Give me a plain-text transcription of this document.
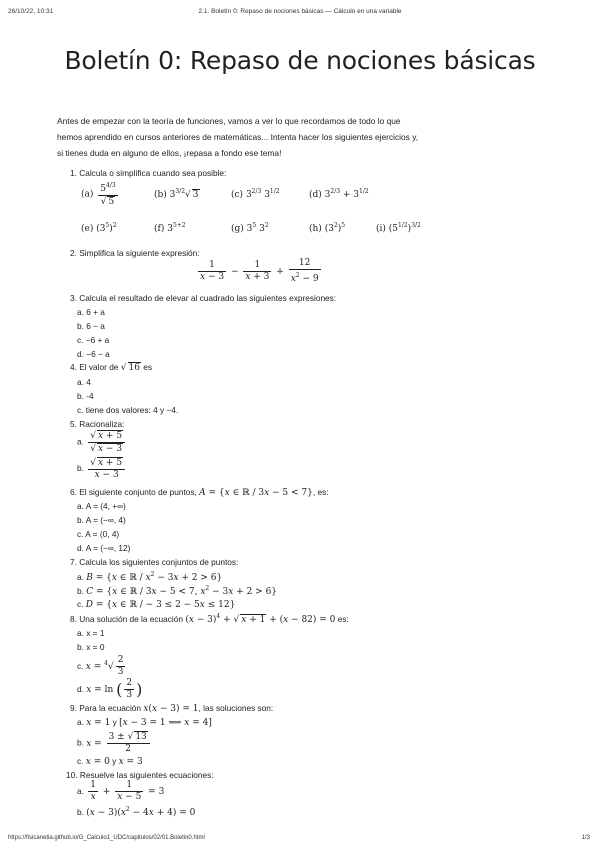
26/10/22, 10:31	2.1. Boletín 0: Repaso de nociones básicas — Cálculo en una variable
Boletín 0: Repaso de nociones básicas
Antes de empezar con la teoría de funciones, vamos a ver lo que recordamos de todo lo que
hemos aprendido en cursos anteriores de matemáticas... Intenta hacer los siguientes ejercicios y,
si tienes duda en alguno de ellos, ¡repasa a fondo ese tema!
1. Calcula o simplifica cuando sea posible:
$(a) \frac{5^{4/3}}{√ 5}$	(b) $3^{3/2}√$ 3	(c) $3^{2/3}$ $3^{1/2}$	(d) $3^{2/3} + 3^{1/2}$
(e) $(3^5)^2$	(f) $3^{5+2}$	(g) $3^5$ $3^2$	(h) $(3^2)^5$	(i) $(5^{1/2})^{3/2}$
2. Simplifica la siguiente expresión:
$\frac{1}{x - 3} - \frac{1}{x + 3} + \frac{12}{x^2 - 9}$
3. Calcula el resultado de elevar al cuadrado las siguientes expresiones:
a. 6 + a
b. 6 − a
c. −6 + a
d. −6 − a
4. El valor de √ 16 es
a. 4
b. -4
c. tiene dos valores: 4 y −4.
5. Racionaliza:
a. $\frac{√ x + 5}{√ x - 3}$
b. $\frac{√ x + 5}{x - 3}$
6. El siguiente conjunto de puntos, A = {x ∈ ℝ / 3x − 5 < 7}, es:
a. A = (4, +∞)
b. A = (−∞, 4)
c. A = (0, 4)
d. A = (−∞, 12)
7. Calcula los siguientes conjuntos de puntos:
a. B = {x ∈ ℝ / $x^2 - 3x + 2 > 6$}
b. C = {x ∈ ℝ / 3x − 5 < 7, $x^2 - 3x + 2 > 6$}
c. D = {x ∈ ℝ / − 3 ≤ 2 − 5x ≤ 12}
8. Una solución de la ecuación $(x - 3)^4$ + √ x + 1 + (x − 82) = 0 es:
a. x = 1
b. x = 0
c. $x = ^4√ \frac{2}{3}$
d. x = ln ( $\frac{2}{3}$ )
9. Para la ecuación x(x − 3) = 1, las soluciones son:
a. x = 1 y [x − 3 = 1 ⟹ x = 4]
b. $x = \frac{3 \pm √ 13}{2}$
c. x = 0 y x = 3
10. Resuelve las siguientes ecuaciones:
a. $\frac{1}{x} + \frac{1}{x - 5} = 3$
b. $(x - 3)(x^2 - 4x + 4) = 0$
https://fisicanetia.github.io/G_Calculo1_UDC/capitulos/02/01.Boletin0.html	1/3
